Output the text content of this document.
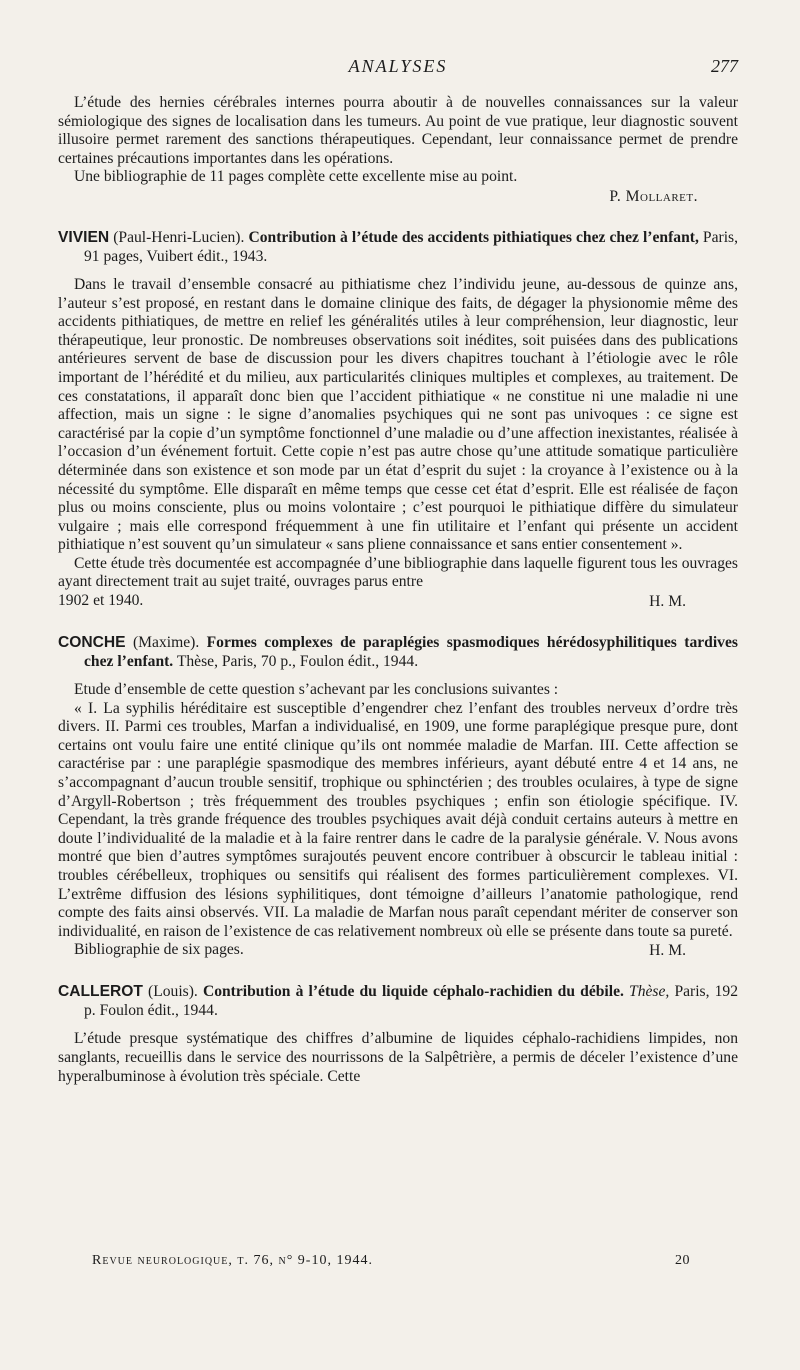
ANALYSES	277

L’étude des hernies cérébrales internes pourra aboutir à de nouvelles connaissances sur la valeur sémiologique des signes de localisation dans les tumeurs. Au point de vue pratique, leur diagnostic souvent illusoire permet rarement des sanctions thérapeutiques. Cependant, leur connaissance permet de prendre certaines précautions importantes dans les opérations.

Une bibliographie de 11 pages complète cette excellente mise au point.

P. Mollaret.
VIVIEN (Paul-Henri-Lucien). Contribution à l’étude des accidents pithiatiques chez chez l’enfant, Paris, 91 pages, Vuibert édit., 1943.

Dans le travail d’ensemble consacré au pithiatisme chez l’individu jeune, au-dessous de quinze ans, l’auteur s’est proposé, en restant dans le domaine clinique des faits, de dégager la physionomie même des accidents pithiatiques, de mettre en relief les généralités utiles à leur compréhension, leur diagnostic, leur thérapeutique, leur pronostic. De nombreuses observations soit inédites, soit puisées dans des publications antérieures servent de base de discussion pour les divers chapitres touchant à l’étiologie avec le rôle important de l’hérédité et du milieu, aux particularités cliniques multiples et complexes, au traitement. De ces constatations, il apparaît donc bien que l’accident pithiatique « ne constitue ni une maladie ni une affection, mais un signe : le signe d’anomalies psychiques qui ne sont pas univoques : ce signe est caractérisé par la copie d’un symptôme fonctionnel d’une maladie ou d’une affection inexistantes, réalisée à l’occasion d’un événement fortuit. Cette copie n’est pas autre chose qu’une attitude somatique particulière déterminée dans son existence et son mode par un état d’esprit du sujet : la croyance à l’existence ou à la nécessité du symptôme. Elle disparaît en même temps que cesse cet état d’esprit. Elle est réalisée de façon plus ou moins consciente, plus ou moins volontaire ; c’est pourquoi le pithiatique diffère du simulateur vulgaire ; mais elle correspond fréquemment à une fin utilitaire et l’enfant qui présente un accident pithiatique n’est souvent qu’un simulateur « sans pliene connaissance et sans entier consentement ».

Cette étude très documentée est accompagnée d’une bibliographie dans laquelle figurent tous les ouvrages ayant directement trait au sujet traité, ouvrages parus entre

1902 et 1940.	H. M.
CONCHE (Maxime). Formes complexes de paraplégies spasmodiques hérédosyphilitiques tardives chez l’enfant. Thèse, Paris, 70 p., Foulon édit., 1944.

Etude d’ensemble de cette question s’achevant par les conclusions suivantes :

« I. La syphilis héréditaire est susceptible d’engendrer chez l’enfant des troubles nerveux d’ordre très divers. II. Parmi ces troubles, Marfan a individualisé, en 1909, une forme paraplégique presque pure, dont certains ont voulu faire une entité clinique qu’ils ont nommée maladie de Marfan. III. Cette affection se caractérise par : une paraplégie spasmodique des membres inférieurs, ayant débuté entre 4 et 14 ans, ne s’accompagnant d’aucun trouble sensitif, trophique ou sphinctérien ; des troubles oculaires, à type de signe d’Argyll-Robertson ; très fréquemment des troubles psychiques ; enfin son étiologie spécifique. IV. Cependant, la très grande fréquence des troubles psychiques avait déjà conduit certains auteurs à mettre en doute l’individualité de la maladie et à la faire rentrer dans le cadre de la paralysie générale. V. Nous avons montré que bien d’autres symptômes surajoutés peuvent encore contribuer à obscurcir le tableau initial : troubles cérébelleux, trophiques ou sensitifs qui réalisent des formes particulièrement complexes. VI. L’extrême diffusion des lésions syphilitiques, dont témoigne d’ailleurs l’anatomie pathologique, rend compte des faits ainsi observés. VII. La maladie de Marfan nous paraît cependant mériter de conserver son individualité, en raison de l’existence de cas relativement nombreux où elle se présente dans toute sa pureté.

Bibliographie de six pages.	H. M.
CALLEROT (Louis). Contribution à l’étude du liquide céphalo-rachidien du débile. Thèse, Paris, 192 p. Foulon édit., 1944.

L’étude presque systématique des chiffres d’albumine de liquides céphalo-rachidiens limpides, non sanglants, recueillis dans le service des nourrissons de la Salpêtrière, a permis de déceler l’existence d’une hyperalbuminose à évolution très spéciale. Cette

Revue neurologique, t. 76, n° 9-10, 1944.	20
